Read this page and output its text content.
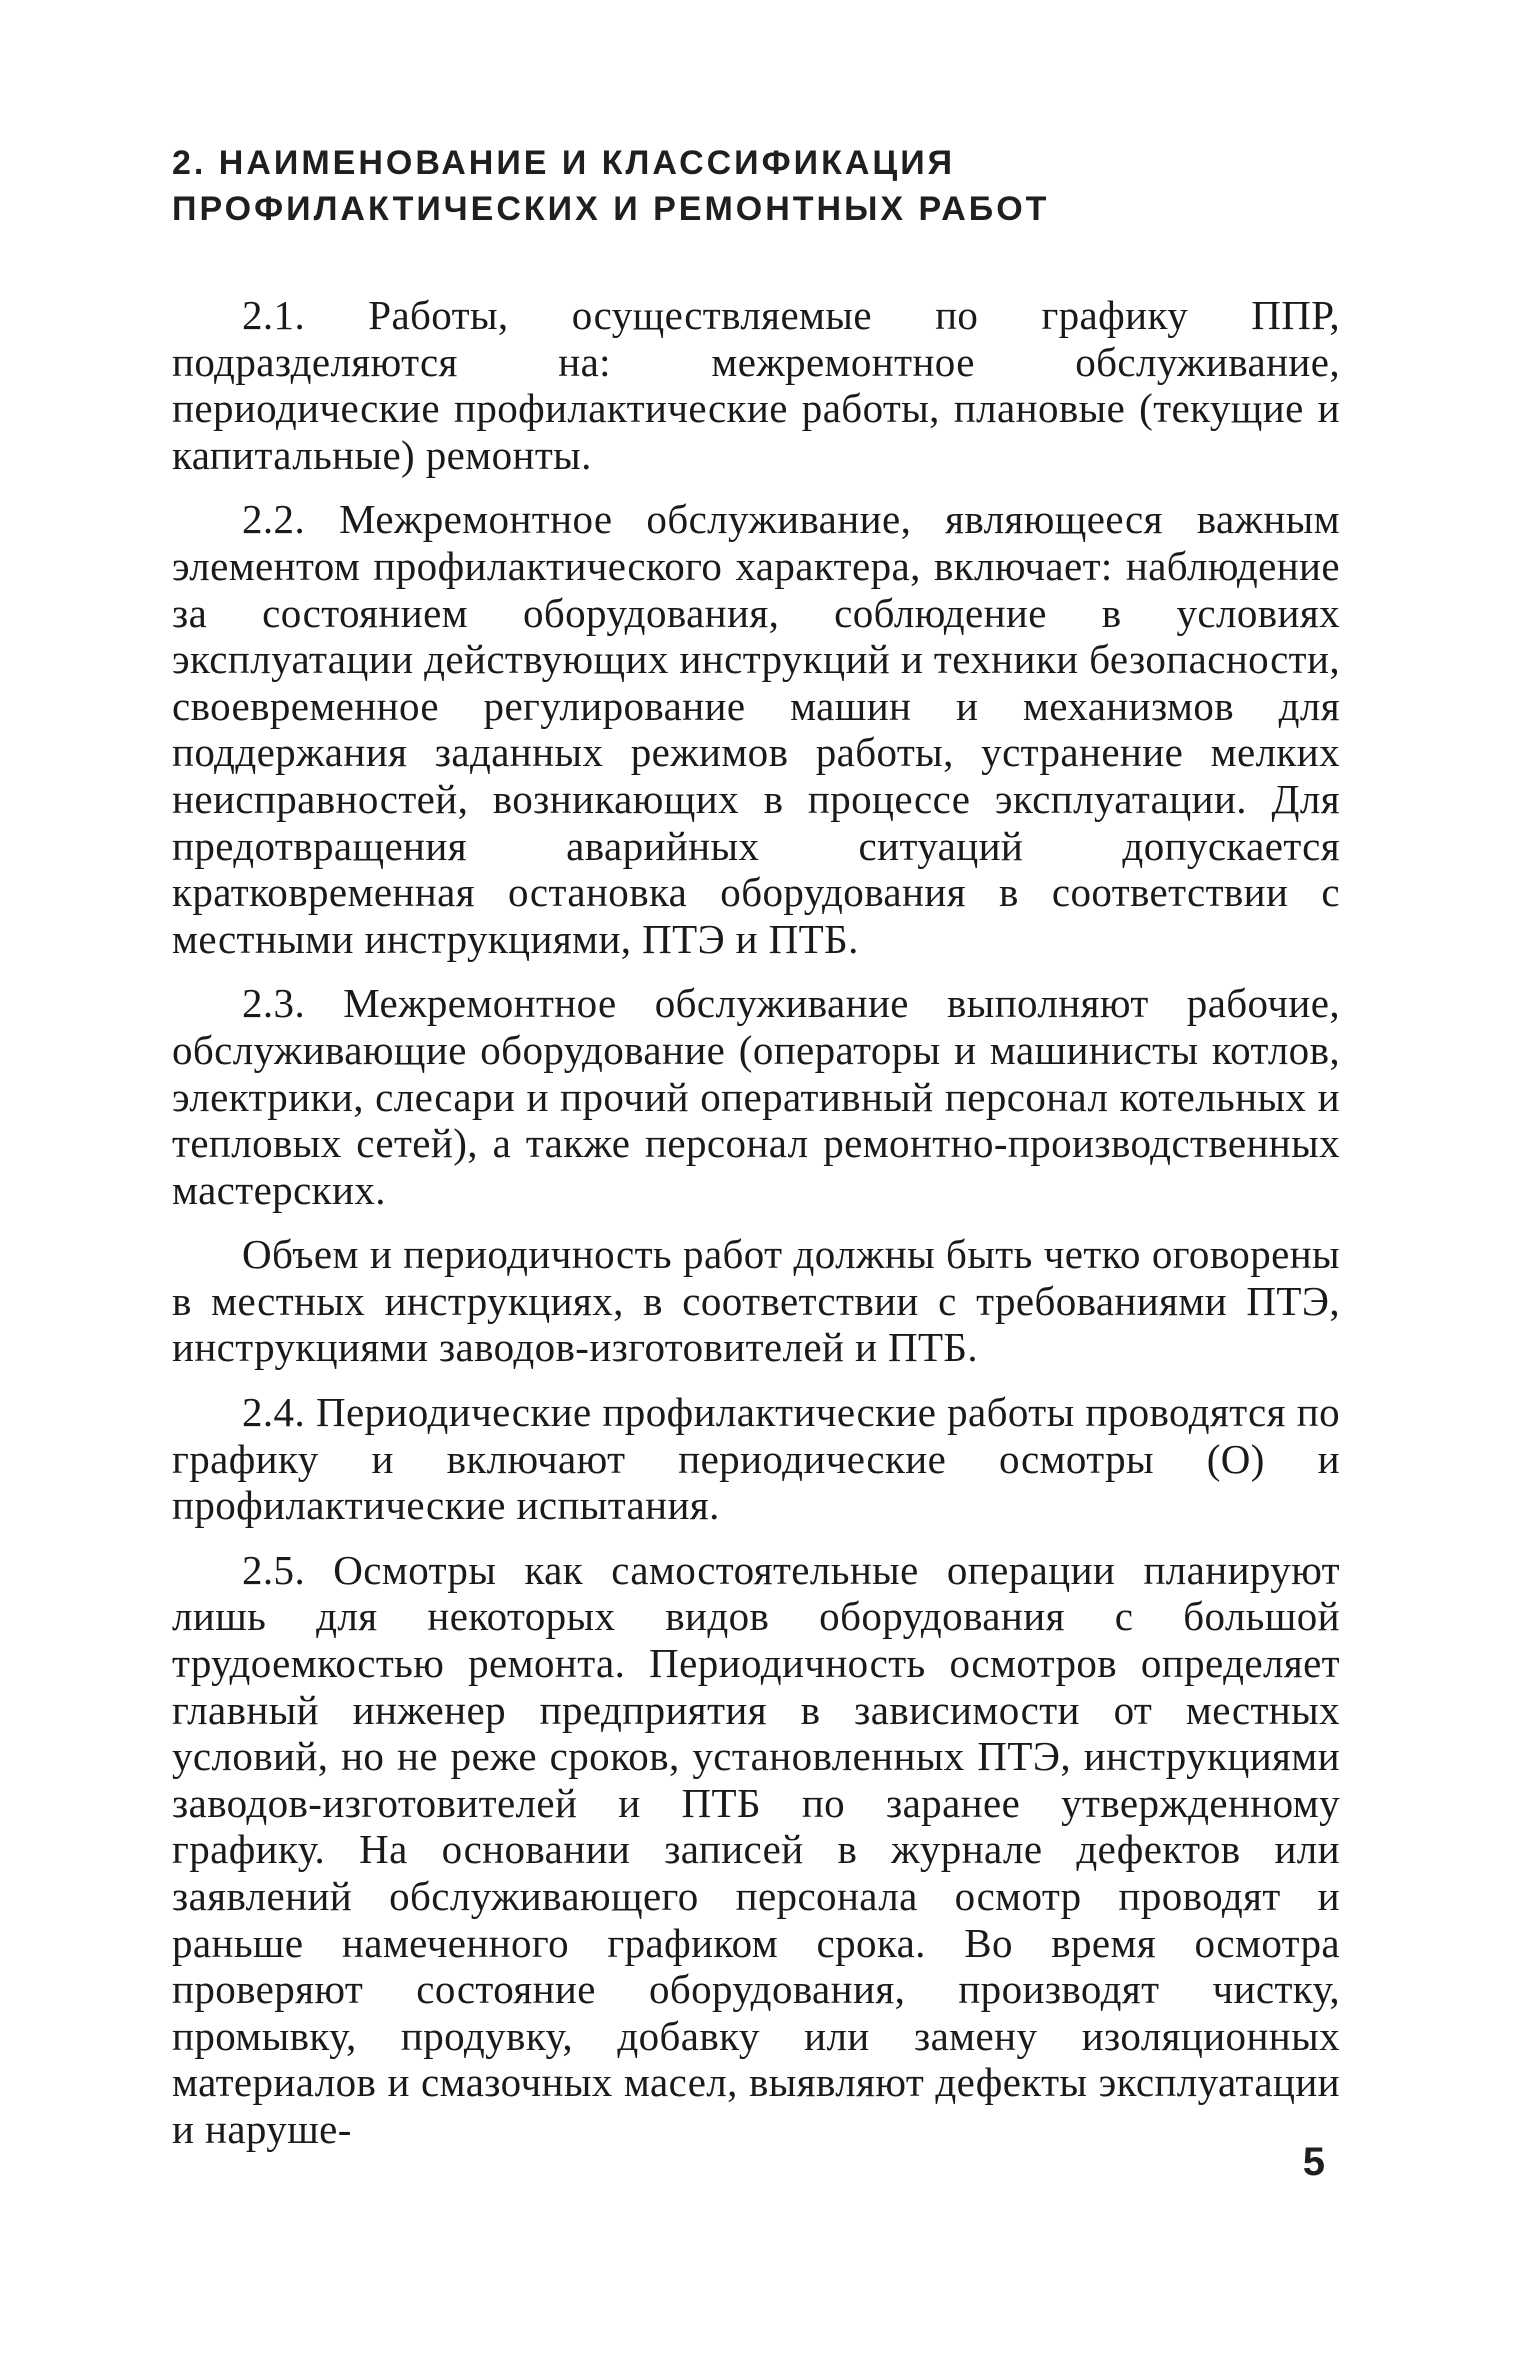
2. НАИМЕНОВАНИЕ И КЛАССИФИКАЦИЯ
ПРОФИЛАКТИЧЕСКИХ И РЕМОНТНЫХ РАБОТ

2.1. Работы, осуществляемые по графику ППР, подразделяются на: межремонтное обслуживание, периодические профилактические работы, плановые (текущие и капитальные) ремонты.

2.2. Межремонтное обслуживание, являющееся важным элементом профилактического характера, включает: наблюдение за состоянием оборудования, соблюдение в условиях эксплуатации действующих инструкций и техники безопасности, своевременное регулирование машин и механизмов для поддержания заданных режимов работы, устранение мелких неисправностей, возникающих в процессе эксплуатации. Для предотвращения аварийных ситуаций допускается кратковременная остановка оборудования в соответствии с местными инструкциями, ПТЭ и ПТБ.

2.3. Межремонтное обслуживание выполняют рабочие, обслуживающие оборудование (операторы и машинисты котлов, электрики, слесари и прочий оперативный персонал котельных и тепловых сетей), а также персонал ремонтно-производственных мастерских.

Объем и периодичность работ должны быть четко оговорены в местных инструкциях, в соответствии с требованиями ПТЭ, инструкциями заводов-изготовителей и ПТБ.

2.4. Периодические профилактические работы проводятся по графику и включают периодические осмотры (О) и профилактические испытания.

2.5. Осмотры как самостоятельные операции планируют лишь для некоторых видов оборудования с большой трудоемкостью ремонта. Периодичность осмотров определяет главный инженер предприятия в зависимости от местных условий, но не реже сроков, установленных ПТЭ, инструкциями заводов-изготовителей и ПТБ по заранее утвержденному графику. На основании записей в журнале дефектов или заявлений обслуживающего персонала осмотр проводят и раньше намеченного графиком срока. Во время осмотра проверяют состояние оборудования, производят чистку, промывку, продувку, добавку или замену изоляционных материалов и смазочных масел, выявляют дефекты эксплуатации и наруше-

5
